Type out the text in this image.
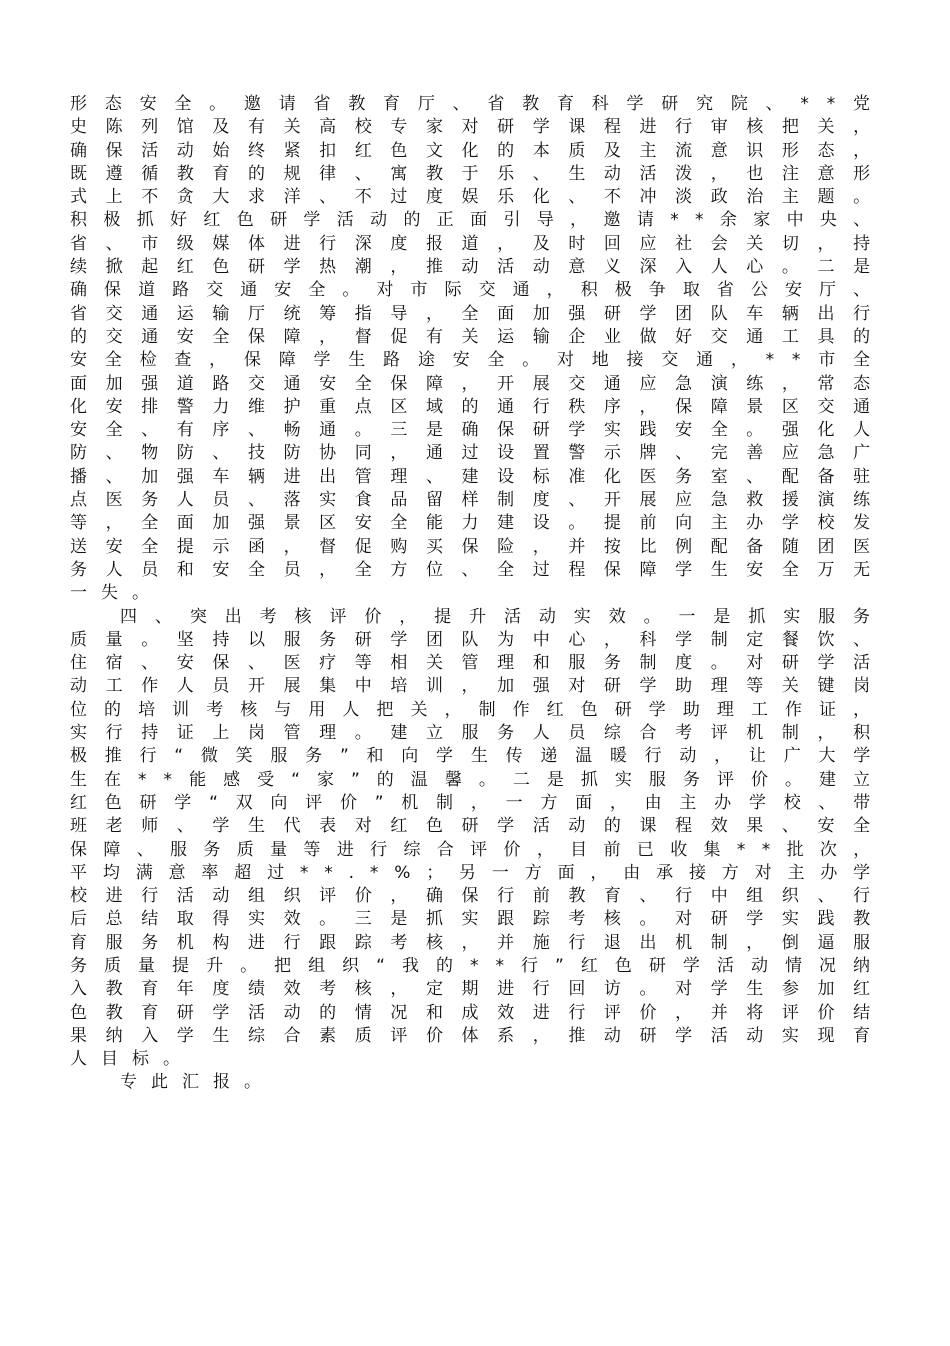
形 态 安 全 。 邀 请 省 教 育 厅 、 省 教 育 科 学 研 究 院 、 * * 党
史 陈 列 馆 及 有 关 高 校 专 家 对 研 学 课 程 进 行 审 核 把 关 ，
确 保 活 动 始 终 紧 扣 红 色 文 化 的 本 质 及 主 流 意 识 形 态 ，
既 遵 循 教 育 的 规 律 、 寓 教 于 乐 、 生 动 活 泼 ， 也 注 意 形
式 上 不 贪 大 求 洋 、 不 过 度 娱 乐 化 、 不 冲 淡 政 治 主 题 。
积 极 抓 好 红 色 研 学 活 动 的 正 面 引 导 ， 邀 请 * * 余 家 中 央 、
省 、 市 级 媒 体 进 行 深 度 报 道 ， 及 时 回 应 社 会 关 切 ， 持
续 掀 起 红 色 研 学 热 潮 ， 推 动 活 动 意 义 深 入 人 心 。 二 是
确 保 道 路 交 通 安 全 。 对 市 际 交 通 ， 积 极 争 取 省 公 安 厅 、
省 交 通 运 输 厅 统 筹 指 导 ， 全 面 加 强 研 学 团 队 车 辆 出 行
的 交 通 安 全 保 障 ， 督 促 有 关 运 输 企 业 做 好 交 通 工 具 的
安 全 检 查 ， 保 障 学 生 路 途 安 全 。 对 地 接 交 通 ， * * 市 全
面 加 强 道 路 交 通 安 全 保 障 ， 开 展 交 通 应 急 演 练 ， 常 态
化 安 排 警 力 维 护 重 点 区 域 的 通 行 秩 序 ， 保 障 景 区 交 通
安 全 、 有 序 、 畅 通 。 三 是 确 保 研 学 实 践 安 全 。 强 化 人
防 、 物 防 、 技 防 协 同 ， 通 过 设 置 警 示 牌 、 完 善 应 急 广
播 、 加 强 车 辆 进 出 管 理 、 建 设 标 准 化 医 务 室 、 配 备 驻
点 医 务 人 员 、 落 实 食 品 留 样 制 度 、 开 展 应 急 救 援 演 练
等 ， 全 面 加 强 景 区 安 全 能 力 建 设 。 提 前 向 主 办 学 校 发
送 安 全 提 示 函 ， 督 促 购 买 保 险 ， 并 按 比 例 配 备 随 团 医
务 人 员 和 安 全 员 ， 全 方 位 、 全 过 程 保 障 学 生 安 全 万 无
一失。
四 、 突 出 考 核 评 价 ， 提 升 活 动 实 效 。 一 是 抓 实 服 务
质 量 。 坚 持 以 服 务 研 学 团 队 为 中 心 ， 科 学 制 定 餐 饮 、
住 宿 、 安 保 、 医 疗 等 相 关 管 理 和 服 务 制 度 。 对 研 学 活
动 工 作 人 员 开 展 集 中 培 训 ， 加 强 对 研 学 助 理 等 关 键 岗
位 的 培 训 考 核 与 用 人 把 关 ， 制 作 红 色 研 学 助 理 工 作 证 ，
实 行 持 证 上 岗 管 理 。 建 立 服 务 人 员 综 合 考 评 机 制 ， 积
极 推 行 “ 微 笑 服 务 ” 和 向 学 生 传 递 温 暖 行 动 ， 让 广 大 学
生 在 * * 能 感 受 “ 家 ” 的 温 馨 。 二 是 抓 实 服 务 评 价 。 建 立
红 色 研 学 “ 双 向 评 价 ” 机 制 ， 一 方 面 ， 由 主 办 学 校 、 带
班 老 师 、 学 生 代 表 对 红 色 研 学 活 动 的 课 程 效 果 、 安 全
保 障 、 服 务 质 量 等 进 行 综 合 评 价 ， 目 前 已 收 集 * * 批 次 ，
平 均 满 意 率 超 过 * * . * % ； 另 一 方 面 ， 由 承 接 方 对 主 办 学
校 进 行 活 动 组 织 评 价 ， 确 保 行 前 教 育 、 行 中 组 织 、 行
后 总 结 取 得 实 效 。 三 是 抓 实 跟 踪 考 核 。 对 研 学 实 践 教
育 服 务 机 构 进 行 跟 踪 考 核 ， 并 施 行 退 出 机 制 ， 倒 逼 服
务 质 量 提 升 。 把 组 织 “ 我 的 * * 行 ” 红 色 研 学 活 动 情 况 纳
入 教 育 年 度 绩 效 考 核 ， 定 期 进 行 回 访 。 对 学 生 参 加 红
色 教 育 研 学 活 动 的 情 况 和 成 效 进 行 评 价 ， 并 将 评 价 结
果 纳 入 学 生 综 合 素 质 评 价 体 系 ， 推 动 研 学 活 动 实 现 育
人目标。
专此汇报。
